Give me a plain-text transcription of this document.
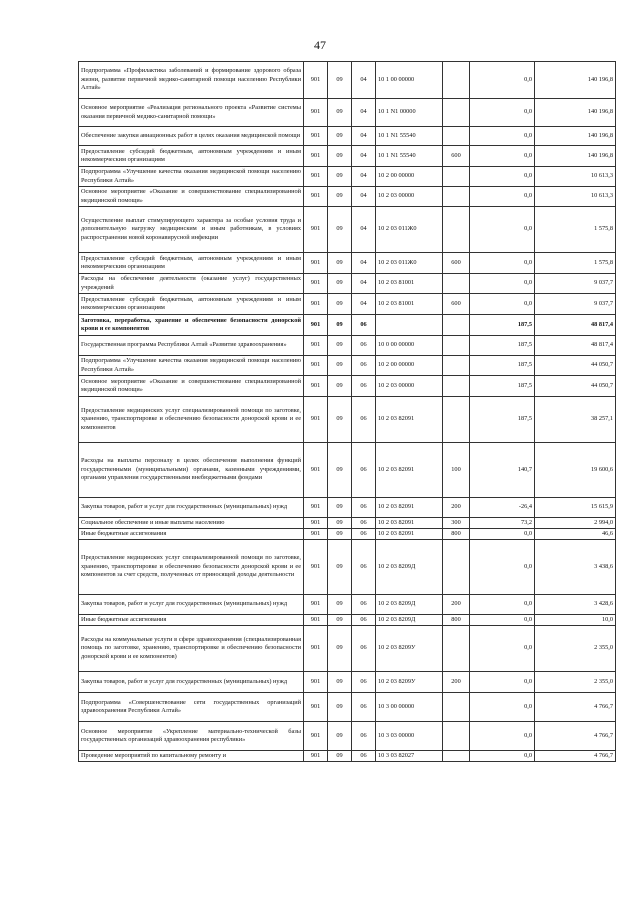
47
Подпрограмма «Профилактика заболеваний и формирование здорового образа жизни, развитие первичной медико-санитарной помощи населению Республики Алтай»	901	09	04	10 1 00 00000		0,0	140 196,8
Основное мероприятие «Реализация регионального проекта «Развитие системы оказания первичной медико-санитарной помощи»	901	09	04	10 1 N1 00000		0,0	140 196,8
Обеспечение закупки авиационных работ в целях оказания медицинской помощи	901	09	04	10 1 N1 55540		0,0	140 196,8
Предоставление субсидий бюджетным, автономным учреждениям и иным некоммерческим организациям	901	09	04	10 1 N1 55540	600	0,0	140 196,8
Подпрограмма «Улучшение качества оказания медицинской помощи населению Республики Алтай»	901	09	04	10 2 00 00000		0,0	10 613,3
Основное мероприятие «Оказание и совершенствование специализированной медицинской помощи»	901	09	04	10 2 03 00000		0,0	10 613,3
Осуществление выплат стимулирующего характера за особые условия труда и дополнительную нагрузку медицинским и иным работникам, в условиях распространения новой коронавирусной инфекции	901	09	04	10 2 03 011Ж0		0,0	1 575,8
Предоставление субсидий бюджетным, автономным учреждениям и иным некоммерческим организациям	901	09	04	10 2 03 011Ж0	600	0,0	1 575,8
Расходы на обеспечение деятельности (оказание услуг) государственных учреждений	901	09	04	10 2 03 81001		0,0	9 037,7
Предоставление субсидий бюджетным, автономным учреждениям и иным некоммерческим организациям	901	09	04	10 2 03 81001	600	0,0	9 037,7
Заготовка, переработка, хранение и обеспечение безопасности донорской крови и ее компонентов	901	09	06			187,5	48 817,4
Государственная программа Республики Алтай «Развитие здравоохранения»	901	09	06	10 0 00 00000		187,5	48 817,4
Подпрограмма «Улучшение качества оказания медицинской помощи населению Республики Алтай»	901	09	06	10 2 00 00000		187,5	44 050,7
Основное мероприятие «Оказание и совершенствование специализированной медицинской помощи»	901	09	06	10 2 03 00000		187,5	44 050,7
Предоставление медицинских услуг специализированной помощи по заготовке, хранению, транспортировке и обеспечению безопасности донорской крови и ее компонентов	901	09	06	10 2 03 82091		187,5	38 257,1
Расходы на выплаты персоналу в целях обеспечения выполнения функций государственными (муниципальными) органами, казенными учреждениями, органами управления государственными внебюджетными фондами	901	09	06	10 2 03 82091	100	140,7	19 600,6
Закупка товаров, работ и услуг для государственных (муниципальных) нужд	901	09	06	10 2 03 82091	200	-26,4	15 615,9
Социальное обеспечение и иные выплаты населению	901	09	06	10 2 03 82091	300	73,2	2 994,0
Иные бюджетные ассигнования	901	09	06	10 2 03 82091	800	0,0	46,6
Предоставление медицинских услуг специализированной помощи по заготовке, хранению, транспортировке и обеспечению безопасности донорской крови и ее компонентов за счет средств, полученных от приносящей доходы деятельности	901	09	06	10 2 03 8209Д		0,0	3 438,6
Закупка товаров, работ и услуг для государственных (муниципальных) нужд	901	09	06	10 2 03 8209Д	200	0,0	3 428,6
Иные бюджетные ассигнования	901	09	06	10 2 03 8209Д	800	0,0	10,0
Расходы на коммунальные услуги в сфере здравоохранения (специализированная помощь по заготовке, хранению, транспортировке и обеспечению безопасности донорской крови и ее компонентов)	901	09	06	10 2 03 8209У		0,0	2 355,0
Закупка товаров, работ и услуг для государственных (муниципальных) нужд	901	09	06	10 2 03 8209У	200	0,0	2 355,0
Подпрограмма «Совершенствование сети государственных организаций здравоохранения Республики Алтай»	901	09	06	10 3 00 00000		0,0	4 766,7
Основное мероприятие «Укрепление материально-технической базы государственных организаций здравоохранения республики»	901	09	06	10 3 03 00000		0,0	4 766,7
Проведение мероприятий по капитальному ремонту и	901	09	06	10 3 03 82027		0,0	4 766,7
